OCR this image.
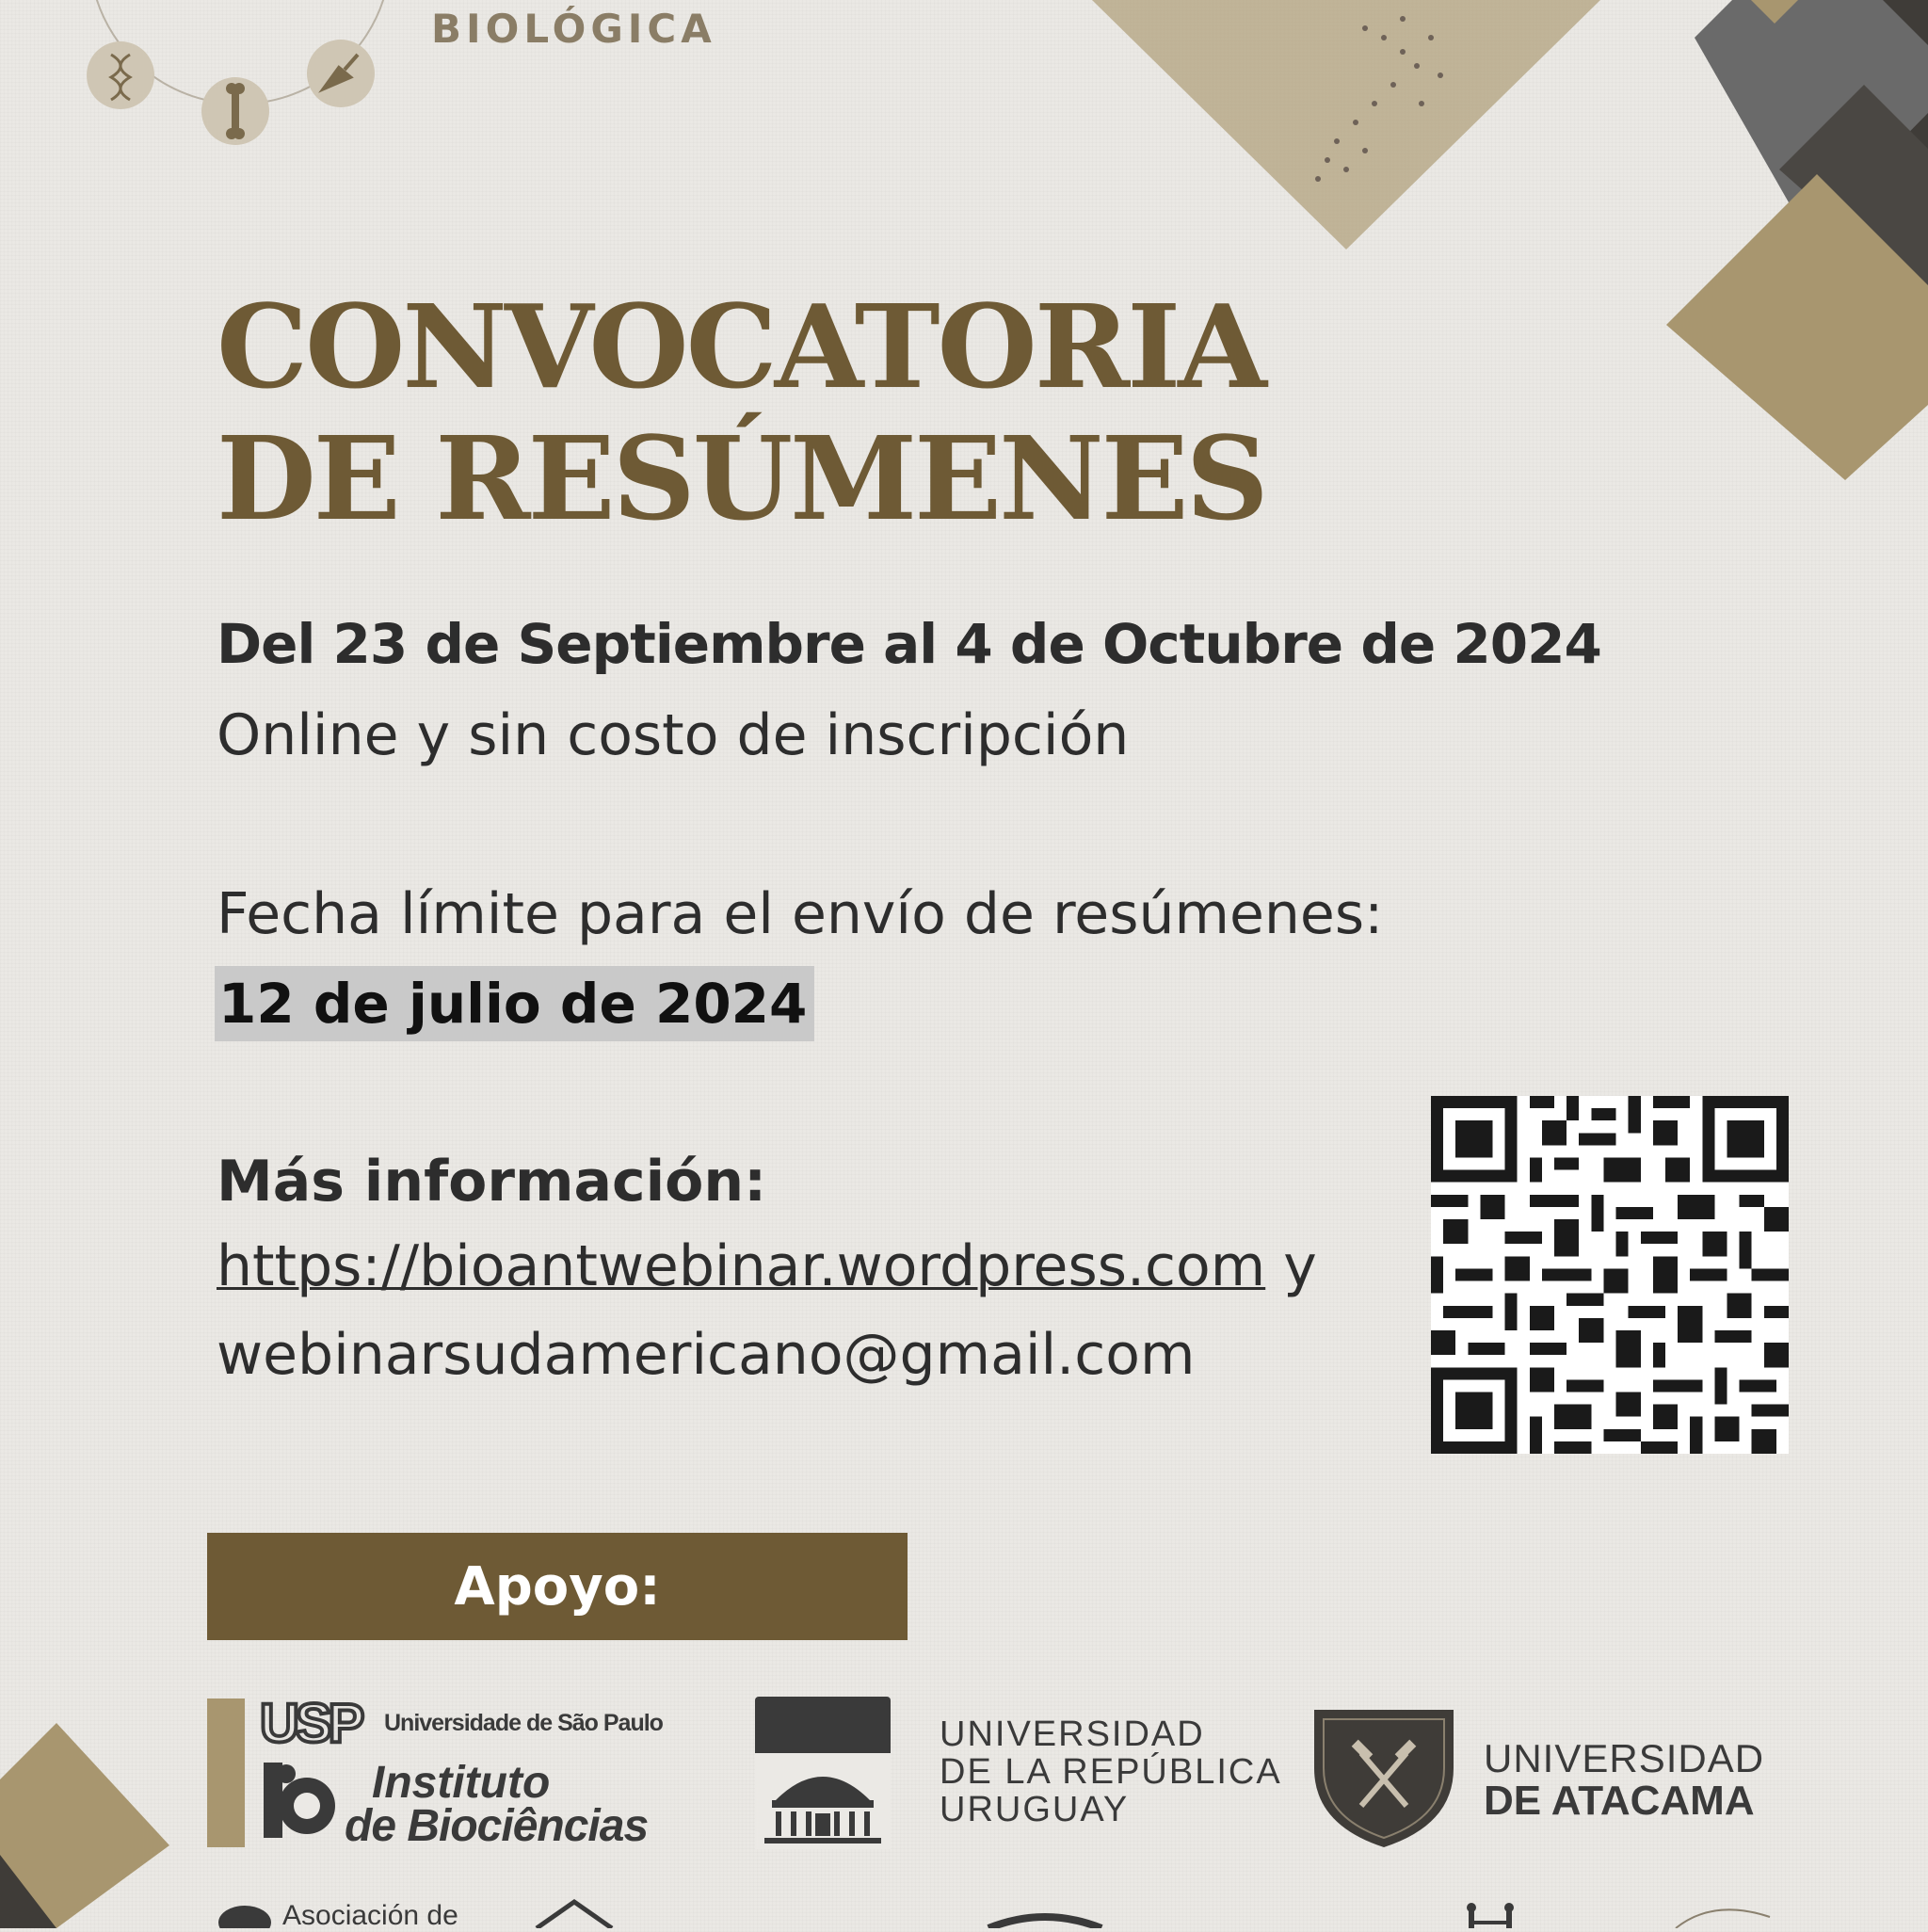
BIOLÓGICA
CONVOCATORIA
DE RESÚMENES
Del 23 de Septiembre al 4 de Octubre de 2024
Online y sin costo de inscripción
Fecha límite para el envío de resúmenes:
12 de julio de 2024
Más información:
https://bioantwebinar.wordpress.com y
webinarsudamericano@gmail.com
Apoyo:
USP Universidade de São Paulo
Instituto
de Biociências
UNIVERSIDAD
DE LA REPÚBLICA
URUGUAY
UNIVERSIDAD
DE ATACAMA
Asociación de
